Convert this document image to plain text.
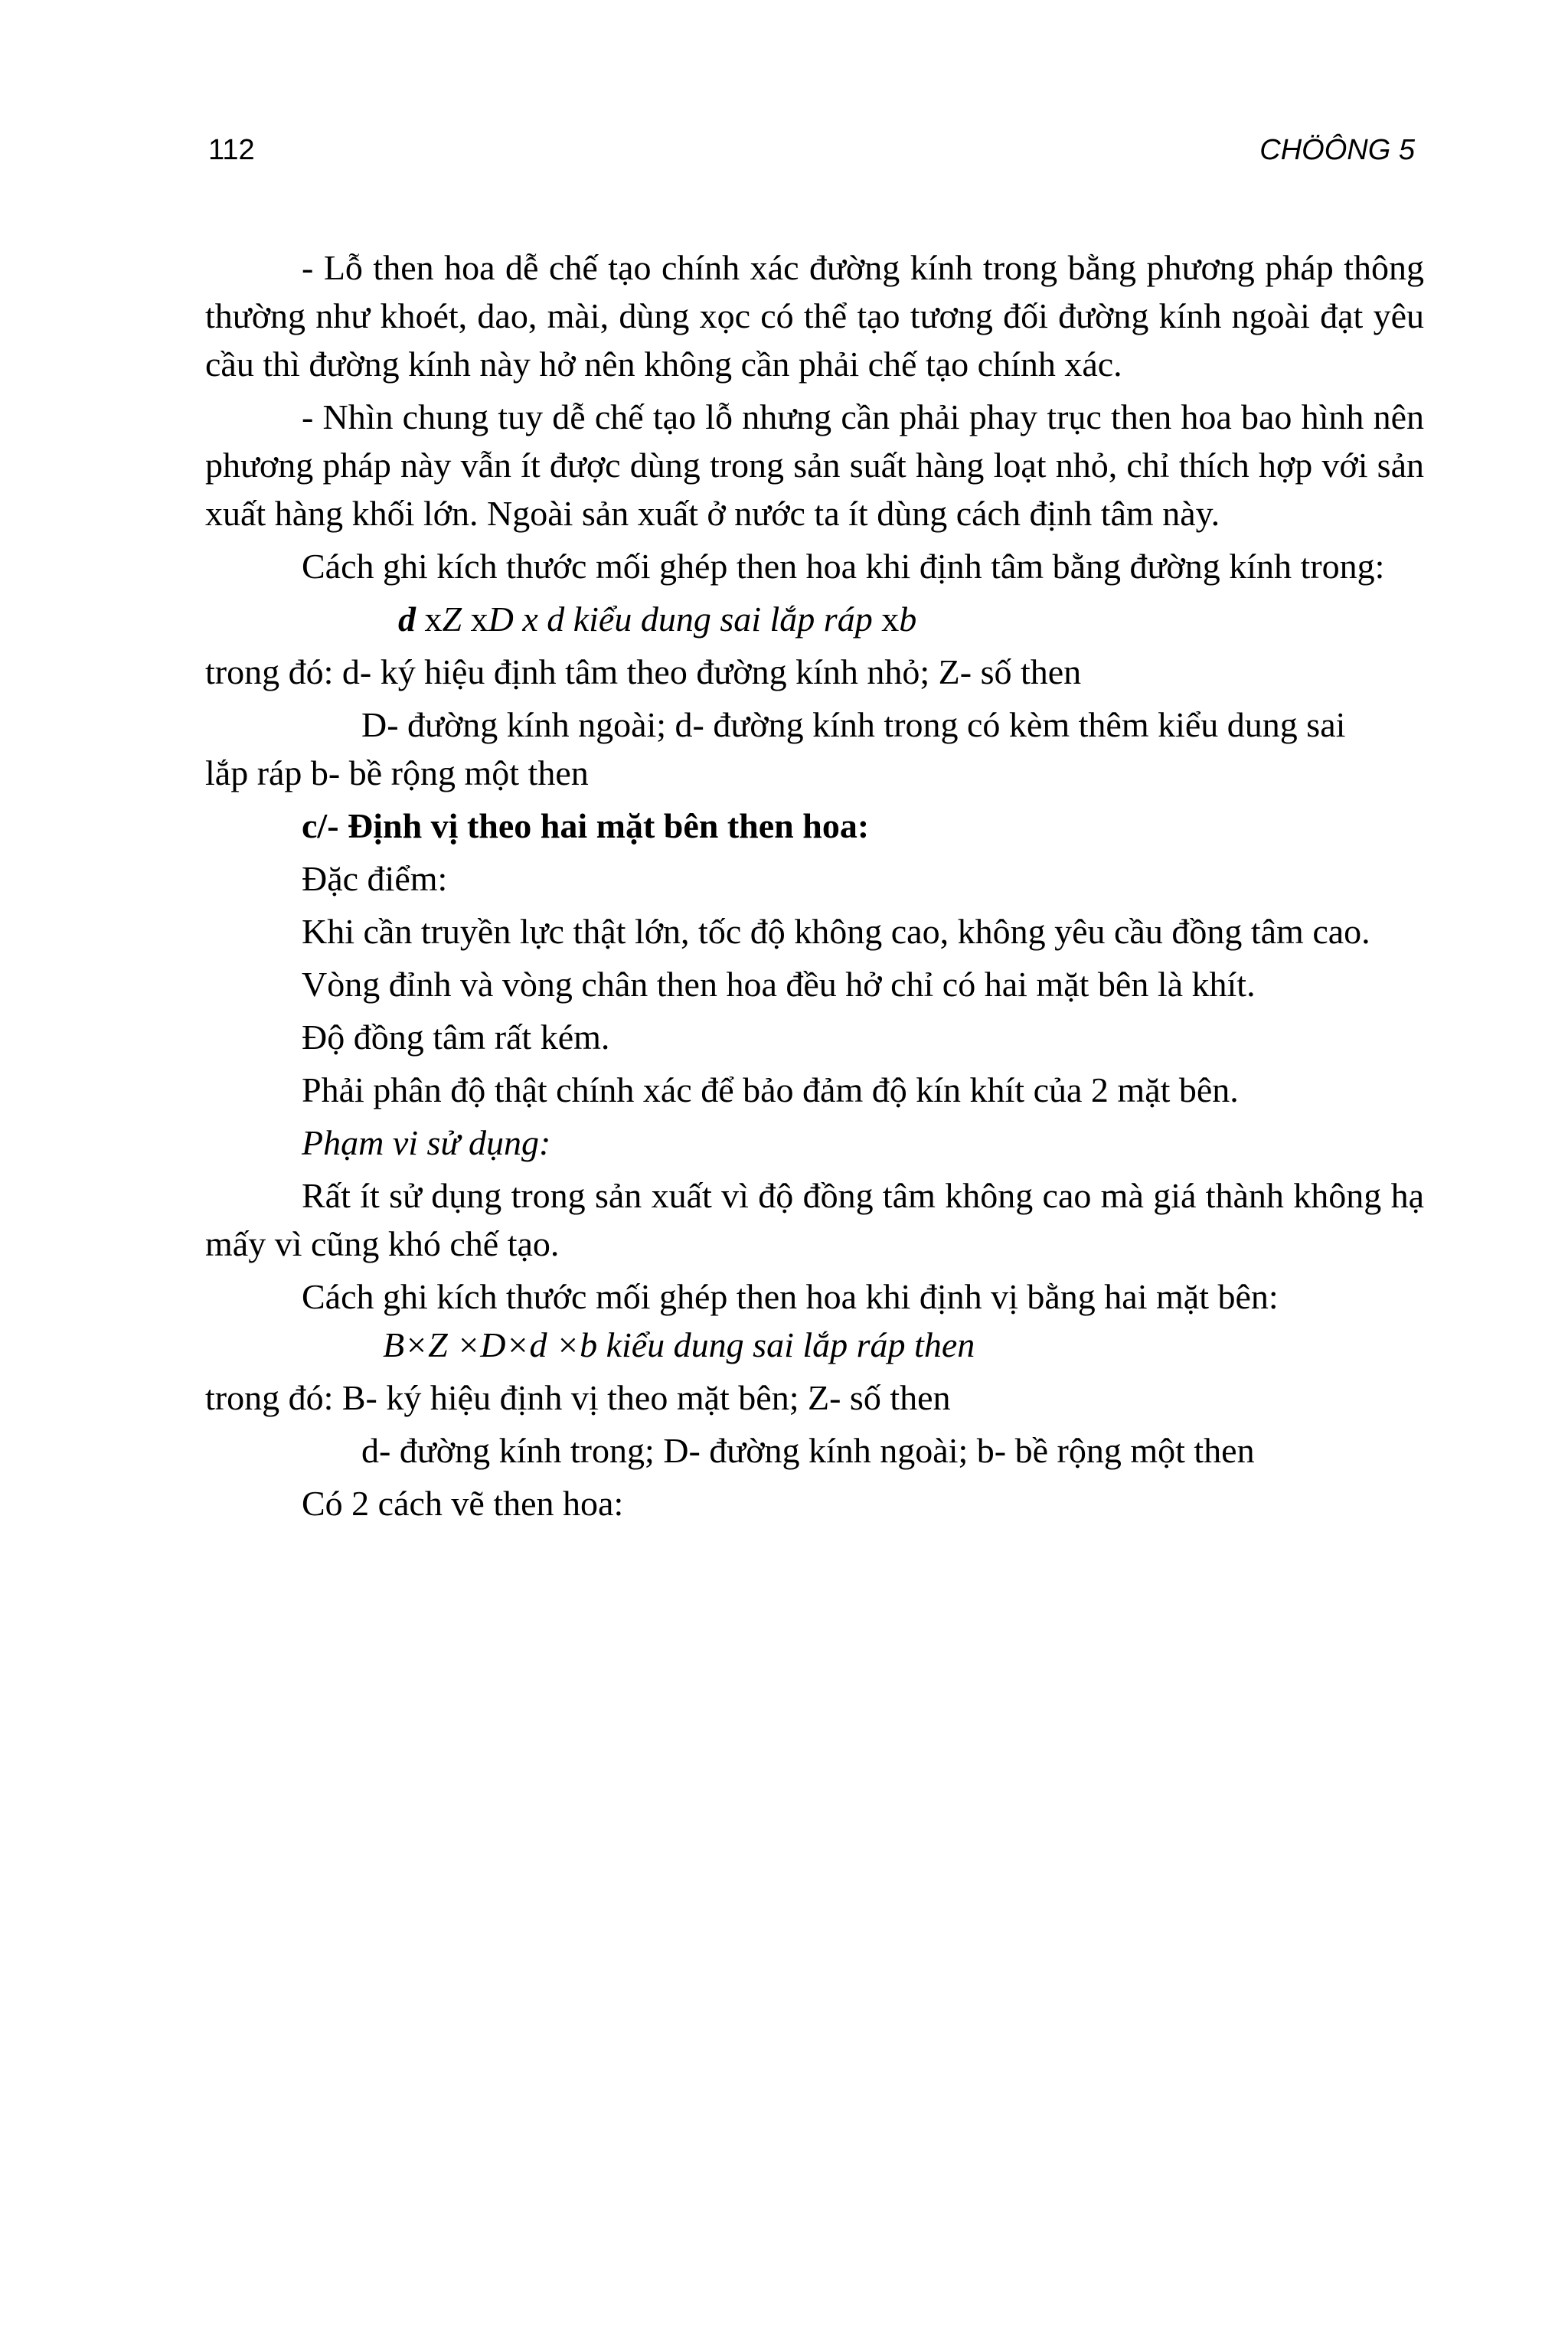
112	CHÖÔNG 5

- Lỗ then hoa dễ chế tạo chính xác đường kính trong bằng phương pháp thông thường như khoét, dao, mài, dùng xọc có thể tạo tương đối đường kính ngoài đạt yêu cầu thì đường kính này hở nên không cần phải chế tạo chính xác.

- Nhìn chung tuy dễ chế tạo lỗ nhưng cần phải phay trục then hoa bao hình nên phương pháp này vẫn ít được dùng trong sản suất hàng loạt nhỏ, chỉ thích hợp với sản xuất hàng khối lớn. Ngoài sản xuất ở nước ta ít dùng cách định tâm này.

Cách ghi kích thước mối ghép then hoa khi định tâm bằng đường kính trong:

d xZ xD x d kiểu dung sai lắp ráp xb

trong đó: d- ký hiệu định tâm theo đường kính nhỏ; Z- số then

D- đường kính ngoài; d- đường kính trong có kèm thêm kiểu dung sai

lắp ráp b- bề rộng một then

c/- Định vị theo hai mặt bên then hoa:

Đặc điểm:

Khi cần truyền lực thật lớn, tốc độ không cao, không yêu cầu đồng tâm cao.

Vòng đỉnh và vòng chân then hoa đều hở chỉ có hai mặt bên là khít.

Độ đồng tâm rất kém.

Phải phân độ thật chính xác để bảo đảm độ kín khít của 2 mặt bên.

Phạm vi sử dụng:

Rất ít sử dụng trong sản xuất vì độ đồng tâm không cao mà giá thành không hạ mấy vì cũng khó chế tạo.

Cách ghi kích thước mối ghép then hoa khi định vị bằng hai mặt bên:

B×Z ×D×d ×b kiểu dung sai lắp ráp then

trong đó: B- ký hiệu định vị theo mặt bên; Z- số then

d- đường kính trong; D- đường kính ngoài; b- bề rộng một then

Có 2 cách vẽ then hoa:
